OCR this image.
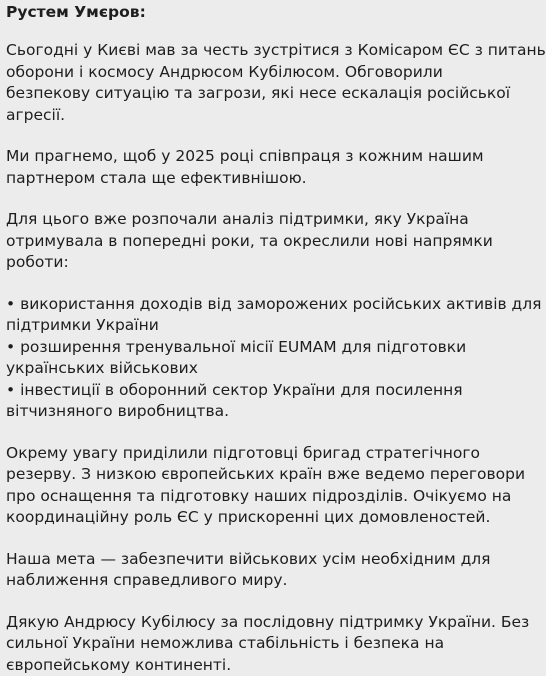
Рустем Умєров:
Сьогодні у Києві мав за честь зустрітися з Комісаром ЄС з питань
оборони і космосу Андрюсом Кубілюсом. Обговорили
безпекову ситуацію та загрози, які несе ескалація російської
агресії.
Ми прагнемо, щоб у 2025 році співпраця з кожним нашим
партнером стала ще ефективнішою.
Для цього вже розпочали аналіз підтримки, яку Україна
отримувала в попередні роки, та окреслили нові напрямки
роботи:
• використання доходів від заморожених російських активів для
підтримки України
• розширення тренувальної місії EUMAM для підготовки
українських військових
• інвестиції в оборонний сектор України для посилення
вітчизняного виробництва.
Окрему увагу приділили підготовці бригад стратегічного
резерву. З низкою європейських країн вже ведемо переговори
про оснащення та підготовку наших підрозділів. Очікуємо на
координаційну роль ЄС у прискоренні цих домовленостей.
Наша мета — забезпечити військових усім необхідним для
наближення справедливого миру.
Дякую Андрюсу Кубілюсу за послідовну підтримку України. Без
сильної України неможлива стабільність і безпека на
європейському континенті.
